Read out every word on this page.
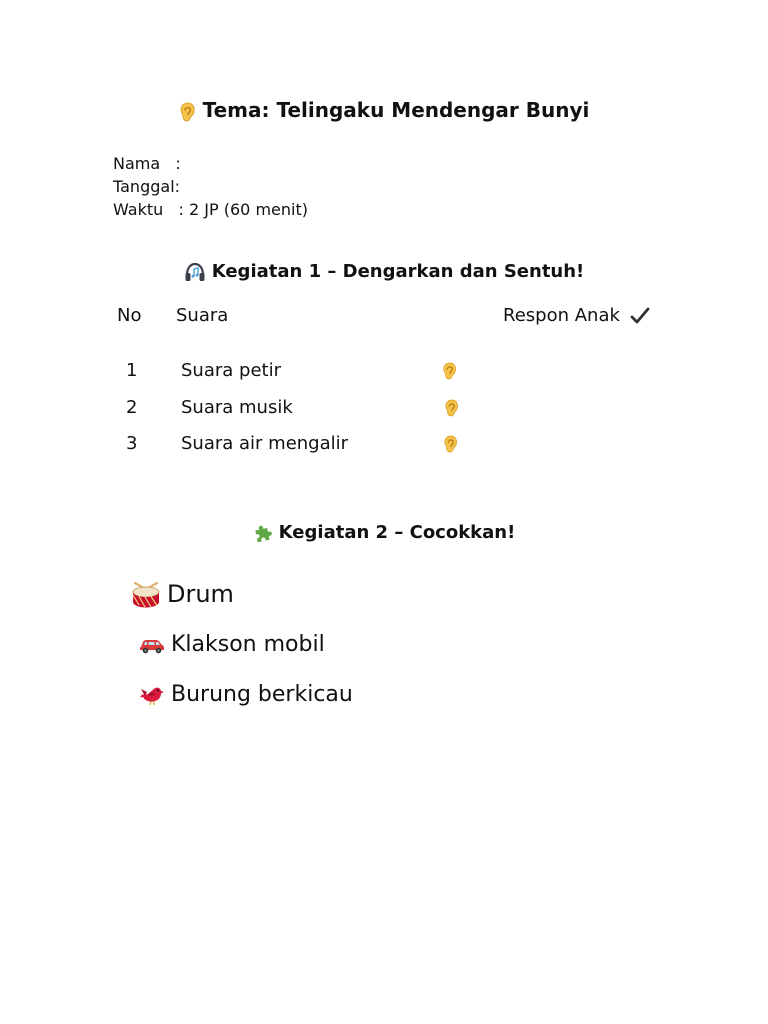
Tema: Telingaku Mendengar Bunyi
Nama   :
Tanggal:
Waktu   : 2 JP (60 menit)
Kegiatan 1 – Dengarkan dan Sentuh!
No Suara	Respon Anak
1 Suara petir
2 Suara musik
3 Suara air mengalir
Kegiatan 2 – Cocokkan!
Drum
Klakson mobil
Burung berkicau
